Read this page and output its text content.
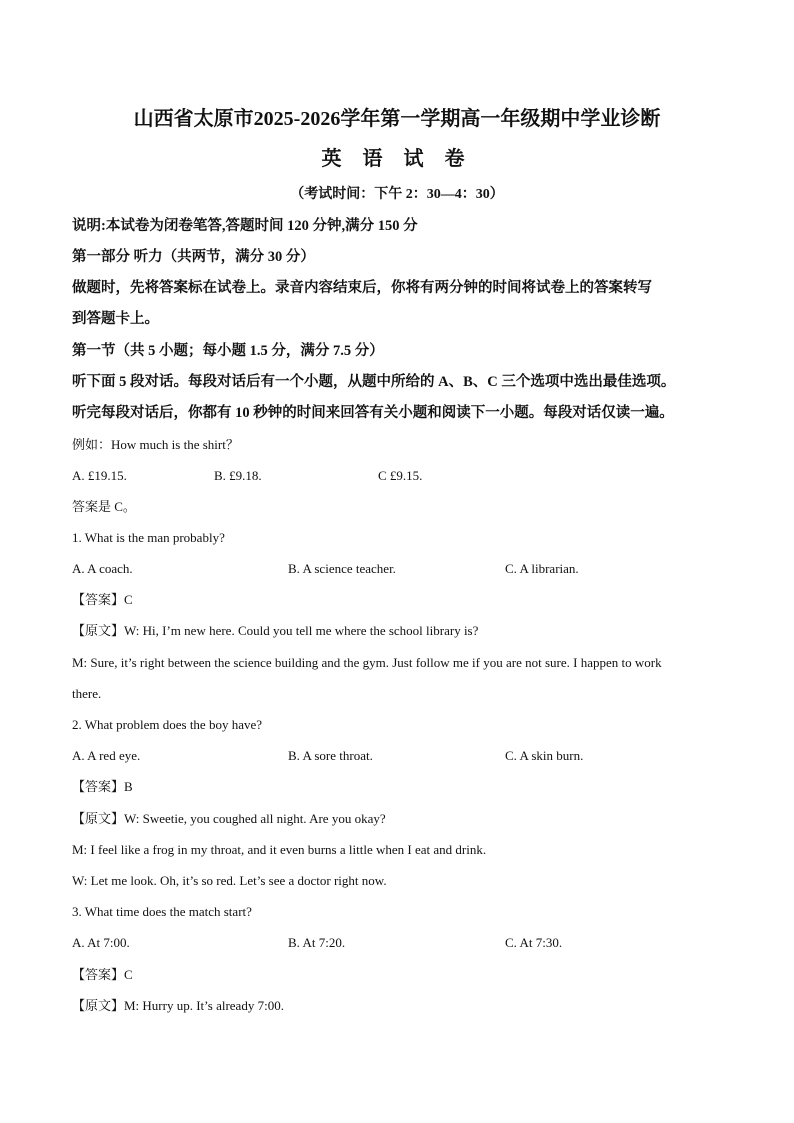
山西省太原市2025-2026学年第一学期高一年级期中学业诊断
英 语 试 卷
（考试时间：下午 2：30—4：30）
说明:本试卷为闭卷笔答,答题时间 120 分钟,满分 150 分
第一部分 听力（共两节，满分 30 分）
做题时，先将答案标在试卷上。录音内容结束后，你将有两分钟的时间将试卷上的答案转写
到答题卡上。
第一节（共 5 小题；每小题 1.5 分，满分 7.5 分）
听下面 5 段对话。每段对话后有一个小题，从题中所给的 A、B、C 三个选项中选出最佳选项。
听完每段对话后，你都有 10 秒钟的时间来回答有关小题和阅读下一小题。每段对话仅读一遍。
例如：How much is the shirt？
A. £19.15.	B. £9.18.	C £9.15.
答案是 C。
1. What is the man probably?
A. A coach.	B. A science teacher.	C. A librarian.
【答案】C
【原文】W: Hi, I’m new here. Could you tell me where the school library is?
M: Sure, it’s right between the science building and the gym. Just follow me if you are not sure. I happen to work
there.
2. What problem does the boy have?
A. A red eye.	B. A sore throat.	C. A skin burn.
【答案】B
【原文】W: Sweetie, you coughed all night. Are you okay?
M: I feel like a frog in my throat, and it even burns a little when I eat and drink.
W: Let me look. Oh, it’s so red. Let’s see a doctor right now.
3. What time does the match start?
A. At 7:00.	B. At 7:20.	C. At 7:30.
【答案】C
【原文】M: Hurry up. It’s already 7:00.
